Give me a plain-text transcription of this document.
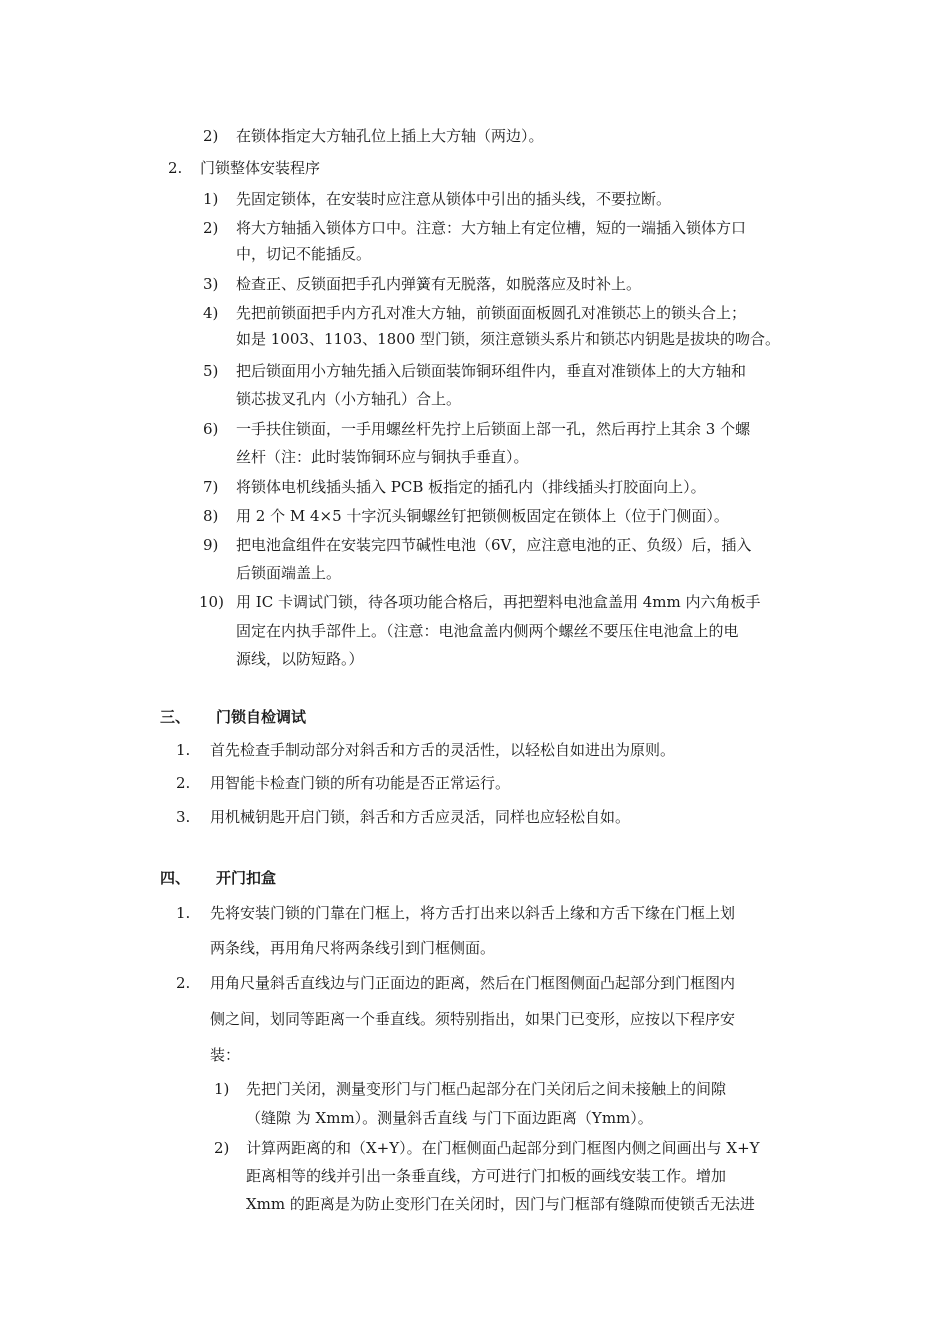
2) 在锁体指定大方轴孔位上插上大方轴（两边）。
2. 门锁整体安装程序
1) 先固定锁体，在安装时应注意从锁体中引出的插头线，不要拉断。
2) 将大方轴插入锁体方口中。注意：大方轴上有定位槽，短的一端插入锁体方口
中，切记不能插反。
3) 检查正、反锁面把手孔内弹簧有无脱落，如脱落应及时补上。
4) 先把前锁面把手内方孔对准大方轴，前锁面面板圆孔对准锁芯上的锁头合上；
如是 1003、1103、1800 型门锁，须注意锁头系片和锁芯内钥匙是拔块的吻合。
5) 把后锁面用小方轴先插入后锁面装饰铜环组件内，垂直对准锁体上的大方轴和
锁芯拔叉孔内（小方轴孔）合上。
6) 一手扶住锁面，一手用螺丝杆先拧上后锁面上部一孔，然后再拧上其余 3 个螺
丝杆（注：此时装饰铜环应与铜执手垂直）。
7) 将锁体电机线插头插入 PCB 板指定的插孔内（排线插头打胶面向上）。
8) 用 2 个 M 4×5 十字沉头铜螺丝钉把锁侧板固定在锁体上（位于门侧面）。
9) 把电池盒组件在安装完四节碱性电池（6V，应注意电池的正、负级）后，插入
后锁面端盖上。
10) 用 IC 卡调试门锁，待各项功能合格后，再把塑料电池盒盖用 4mm 内六角板手
固定在内执手部件上。（注意：电池盒盖内侧两个螺丝不要压住电池盒上的电
源线，以防短路。）
三、 门锁自检调试
1. 首先检查手制动部分对斜舌和方舌的灵活性，以轻松自如进出为原则。
2. 用智能卡检查门锁的所有功能是否正常运行。
3. 用机械钥匙开启门锁，斜舌和方舌应灵活，同样也应轻松自如。
四、 开门扣盒
1. 先将安装门锁的门靠在门框上，将方舌打出来以斜舌上缘和方舌下缘在门框上划
两条线，再用角尺将两条线引到门框侧面。
2. 用角尺量斜舌直线边与门正面边的距离，然后在门框图侧面凸起部分到门框图内
侧之间，划同等距离一个垂直线。须特别指出，如果门已变形，应按以下程序安
装：
1) 先把门关闭，测量变形门与门框凸起部分在门关闭后之间未接触上的间隙
（缝隙 为 Xmm）。测量斜舌直线 与门下面边距离（Ymm）。
2) 计算两距离的和（X+Y）。在门框侧面凸起部分到门框图内侧之间画出与 X+Y
距离相等的线并引出一条垂直线，方可进行门扣板的画线安装工作。增加
Xmm 的距离是为防止变形门在关闭时，因门与门框部有缝隙而使锁舌无法进
